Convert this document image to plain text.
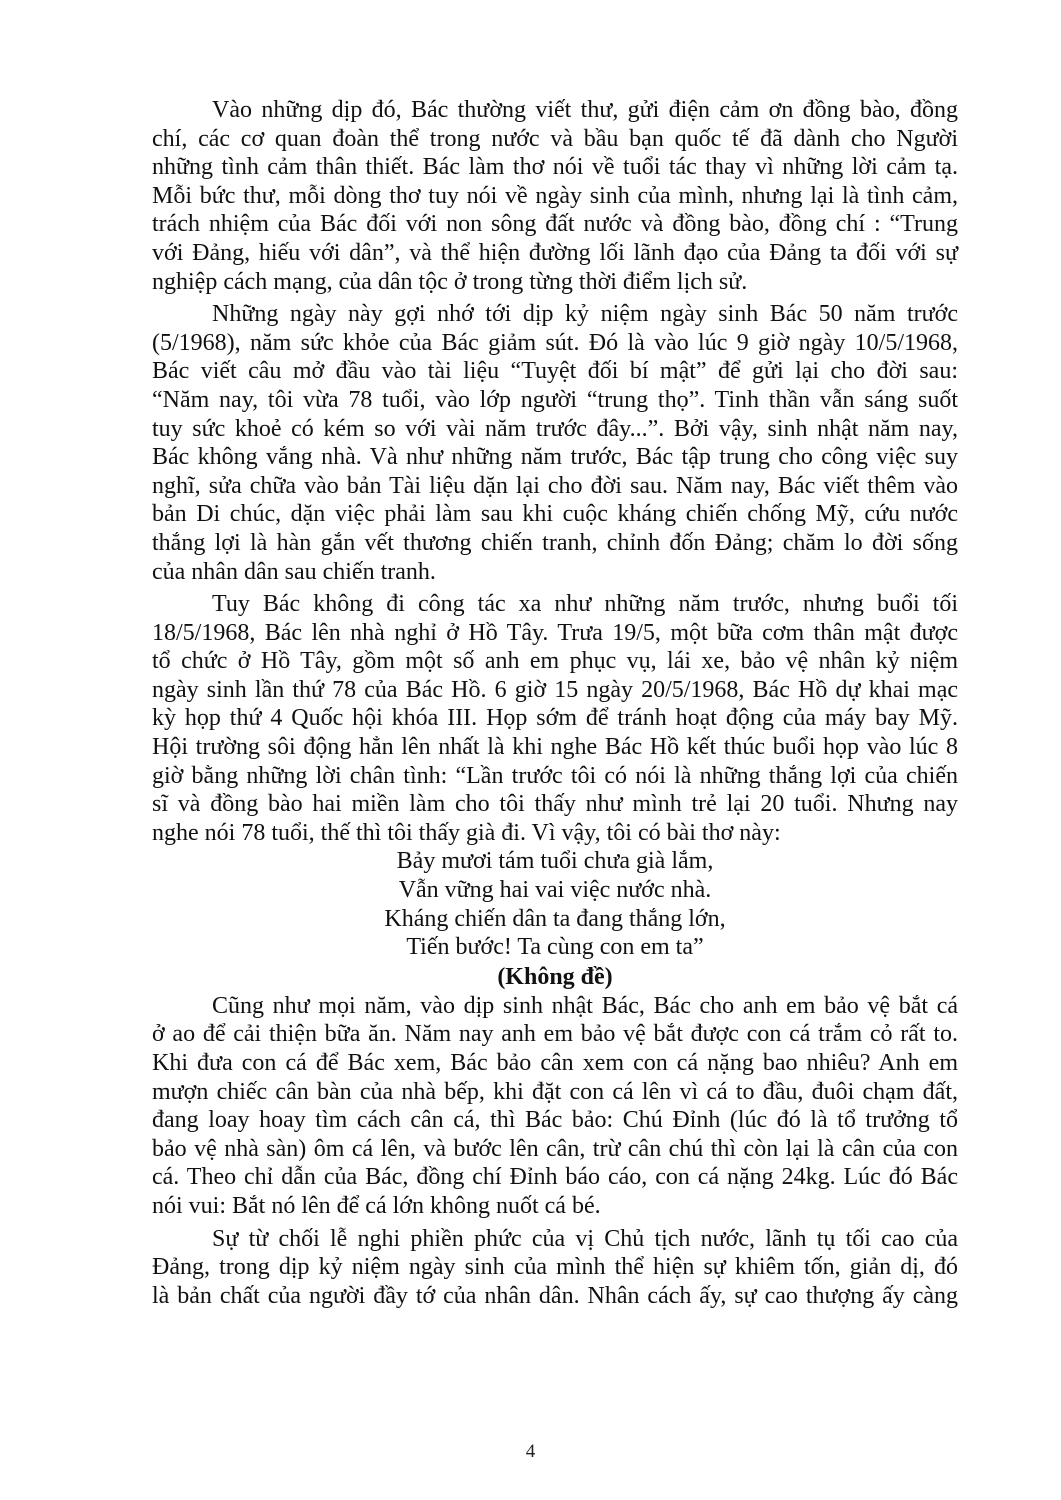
Vào những dịp đó, Bác thường viết thư, gửi điện cảm ơn đồng bào, đồng
chí, các cơ quan đoàn thể trong nước và bầu bạn quốc tế đã dành cho Người
những tình cảm thân thiết. Bác làm thơ nói về tuổi tác thay vì những lời cảm tạ.
Mỗi bức thư, mỗi dòng thơ tuy nói về ngày sinh của mình, nhưng lại là tình cảm,
trách nhiệm của Bác đối với non sông đất nước và đồng bào, đồng chí : “Trung
với Đảng, hiếu với dân”, và thể hiện đường lối lãnh đạo của Đảng ta đối với sự
nghiệp cách mạng, của dân tộc ở trong từng thời điểm lịch sử.
Những ngày này gợi nhớ tới dịp kỷ niệm ngày sinh Bác 50 năm trước
(5/1968), năm sức khỏe của Bác giảm sút. Đó là vào lúc 9 giờ ngày 10/5/1968,
Bác viết câu mở đầu vào tài liệu “Tuyệt đối bí mật” để gửi lại cho đời sau:
“Năm nay, tôi vừa 78 tuổi, vào lớp người “trung thọ”. Tinh thần vẫn sáng suốt
tuy sức khoẻ có kém so với vài năm trước đây...”. Bởi vậy, sinh nhật năm nay,
Bác không vắng nhà. Và như những năm trước, Bác tập trung cho công việc suy
nghĩ, sửa chữa vào bản Tài liệu dặn lại cho đời sau. Năm nay, Bác viết thêm vào
bản Di chúc, dặn việc phải làm sau khi cuộc kháng chiến chống Mỹ, cứu nước
thắng lợi là hàn gắn vết thương chiến tranh, chỉnh đốn Đảng; chăm lo đời sống
của nhân dân sau chiến tranh.
Tuy Bác không đi công tác xa như những năm trước, nhưng buổi tối
18/5/1968, Bác lên nhà nghỉ ở Hồ Tây. Trưa 19/5, một bữa cơm thân mật được
tổ chức ở Hồ Tây, gồm một số anh em phục vụ, lái xe, bảo vệ nhân kỷ niệm
ngày sinh lần thứ 78 của Bác Hồ. 6 giờ 15 ngày 20/5/1968, Bác Hồ dự khai mạc
kỳ họp thứ 4 Quốc hội khóa III. Họp sớm để tránh hoạt động của máy bay Mỹ.
Hội trường sôi động hẳn lên nhất là khi nghe Bác Hồ kết thúc buổi họp vào lúc 8
giờ bằng những lời chân tình: “Lần trước tôi có nói là những thắng lợi của chiến
sĩ và đồng bào hai miền làm cho tôi thấy như mình trẻ lại 20 tuổi. Nhưng nay
nghe nói 78 tuổi, thế thì tôi thấy già đi. Vì vậy, tôi có bài thơ này:
Bảy mươi tám tuổi chưa già lắm,
Vẫn vững hai vai việc nước nhà.
Kháng chiến dân ta đang thắng lớn,
Tiến bước! Ta cùng con em ta”
(Không đề)
Cũng như mọi năm, vào dịp sinh nhật Bác, Bác cho anh em bảo vệ bắt cá
ở ao để cải thiện bữa ăn. Năm nay anh em bảo vệ bắt được con cá trắm cỏ rất to.
Khi đưa con cá để Bác xem, Bác bảo cân xem con cá nặng bao nhiêu? Anh em
mượn chiếc cân bàn của nhà bếp, khi đặt con cá lên vì cá to đầu, đuôi chạm đất,
đang loay hoay tìm cách cân cá, thì Bác bảo: Chú Đỉnh (lúc đó là tổ trưởng tổ
bảo vệ nhà sàn) ôm cá lên, và bước lên cân, trừ cân chú thì còn lại là cân của con
cá. Theo chỉ dẫn của Bác, đồng chí Đỉnh báo cáo, con cá nặng 24kg. Lúc đó Bác
nói vui: Bắt nó lên để cá lớn không nuốt cá bé.
Sự từ chối lễ nghi phiền phức của vị Chủ tịch nước, lãnh tụ tối cao của
Đảng, trong dịp kỷ niệm ngày sinh của mình thể hiện sự khiêm tốn, giản dị, đó
là bản chất của người đầy tớ của nhân dân. Nhân cách ấy, sự cao thượng ấy càng
4
